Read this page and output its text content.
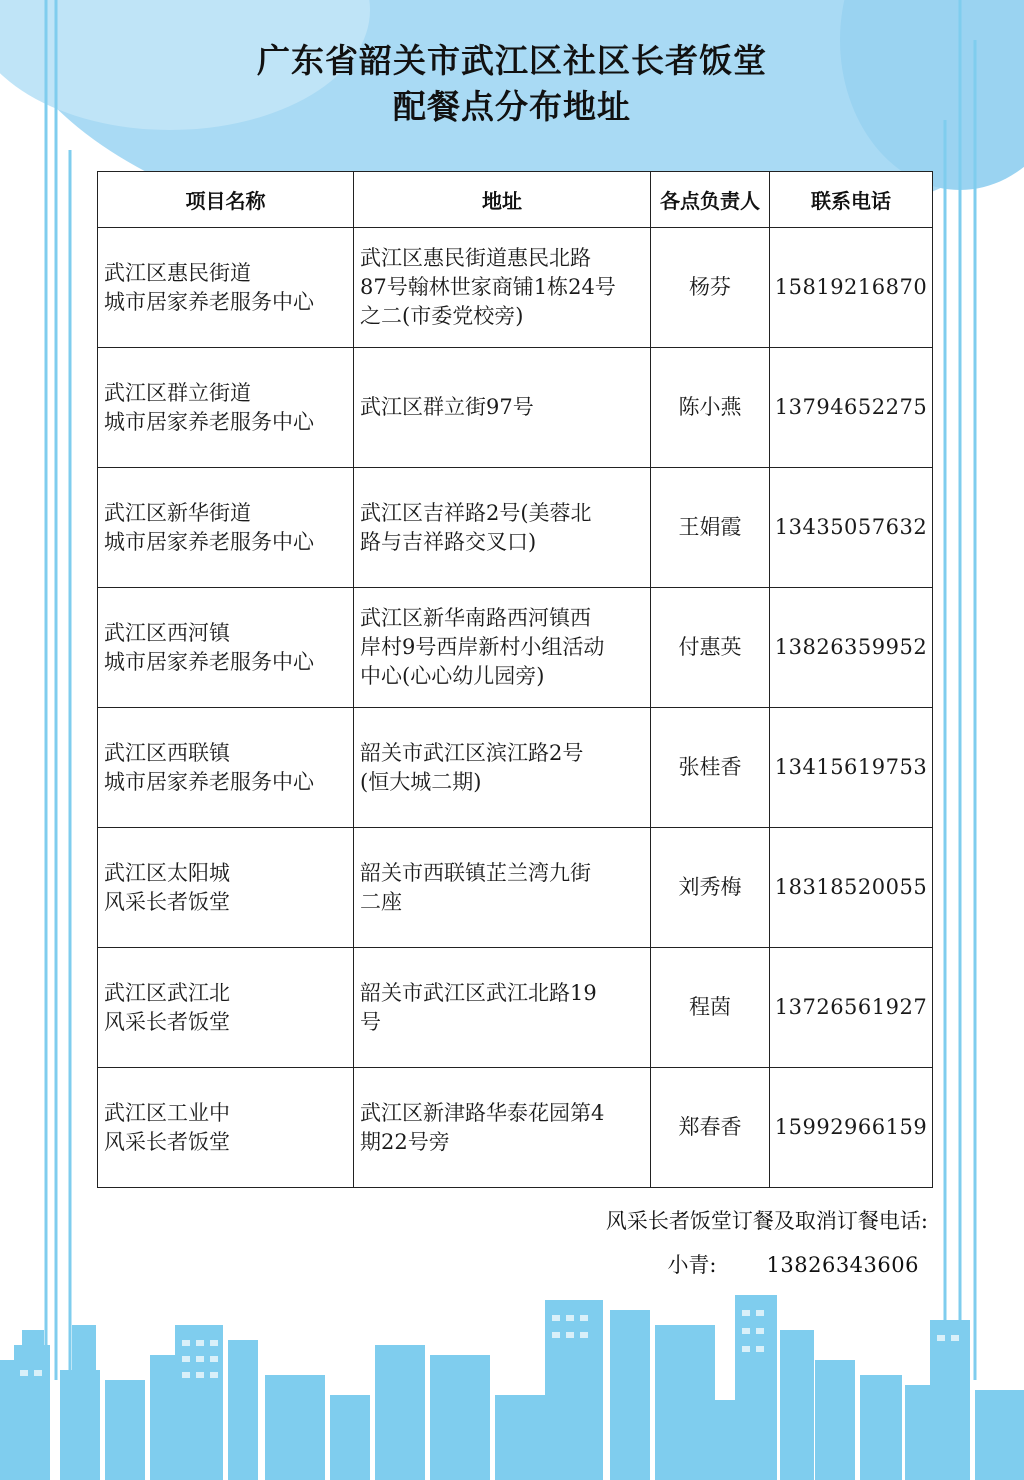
广东省韶关市武江区社区长者饭堂
配餐点分布地址
项目名称	地址	各点负责人	联系电话

武江区惠民街道
城市居家养老服务中心	武江区惠民街道惠民北路
87号翰林世家商铺1栋24号
之二(市委党校旁)	杨芬	15819216870

武江区群立街道
城市居家养老服务中心	武江区群立街97号	陈小燕	13794652275

武江区新华街道
城市居家养老服务中心	武江区吉祥路2号(美蓉北
路与吉祥路交叉口)	王娟霞	13435057632

武江区西河镇
城市居家养老服务中心	武江区新华南路西河镇西
岸村9号西岸新村小组活动
中心(心心幼儿园旁)	付惠英	13826359952

武江区西联镇
城市居家养老服务中心	韶关市武江区滨江路2号
(恒大城二期)	张桂香	13415619753

武江区太阳城
风采长者饭堂	韶关市西联镇芷兰湾九街
二座	刘秀梅	18318520055

武江区武江北
风采长者饭堂	韶关市武江区武江北路19
号	程茵	13726561927

武江区工业中
风采长者饭堂	武江区新津路华泰花园第4
期22号旁	郑春香	15992966159
风采长者饭堂订餐及取消订餐电话:
小青: 13826343606
